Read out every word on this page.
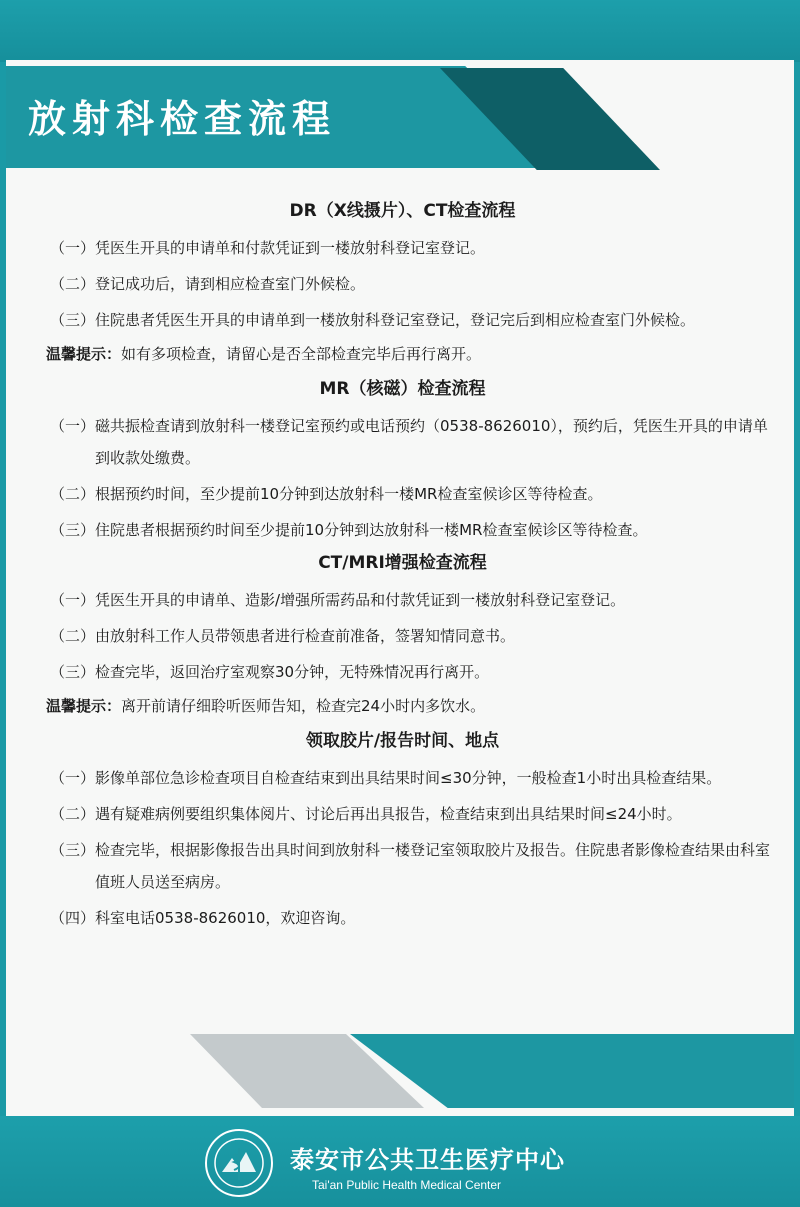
放射科检查流程
DR（X线摄片）、CT检查流程
（一） 凭医生开具的申请单和付款凭证到一楼放射科登记室登记。
（二） 登记成功后，请到相应检查室门外候检。
（三） 住院患者凭医生开具的申请单到一楼放射科登记室登记，登记完后到相应检查室门外候检。
温馨提示：如有多项检查，请留心是否全部检查完毕后再行离开。
MR（核磁）检查流程
（一） 磁共振检查请到放射科一楼登记室预约或电话预约（0538-8626010），预约后，凭医生开具的申请单到收款处缴费。
（二） 根据预约时间，至少提前10分钟到达放射科一楼MR检查室候诊区等待检查。
（三） 住院患者根据预约时间至少提前10分钟到达放射科一楼MR检查室候诊区等待检查。
CT/MRI增强检查流程
（一） 凭医生开具的申请单、造影/增强所需药品和付款凭证到一楼放射科登记室登记。
（二） 由放射科工作人员带领患者进行检查前准备，签署知情同意书。
（三） 检查完毕，返回治疗室观察30分钟，无特殊情况再行离开。
温馨提示：离开前请仔细聆听医师告知，检查完24小时内多饮水。
领取胶片/报告时间、地点
（一） 影像单部位急诊检查项目自检查结束到出具结果时间≤30分钟，一般检查1小时出具检查结果。
（二） 遇有疑难病例要组织集体阅片、讨论后再出具报告，检查结束到出具结果时间≤24小时。
（三） 检查完毕，根据影像报告出具时间到放射科一楼登记室领取胶片及报告。住院患者影像检查结果由科室值班人员送至病房。
（四） 科室电话0538-8626010，欢迎咨询。
泰安市公共卫生医疗中心
Tai'an Public Health Medical Center
